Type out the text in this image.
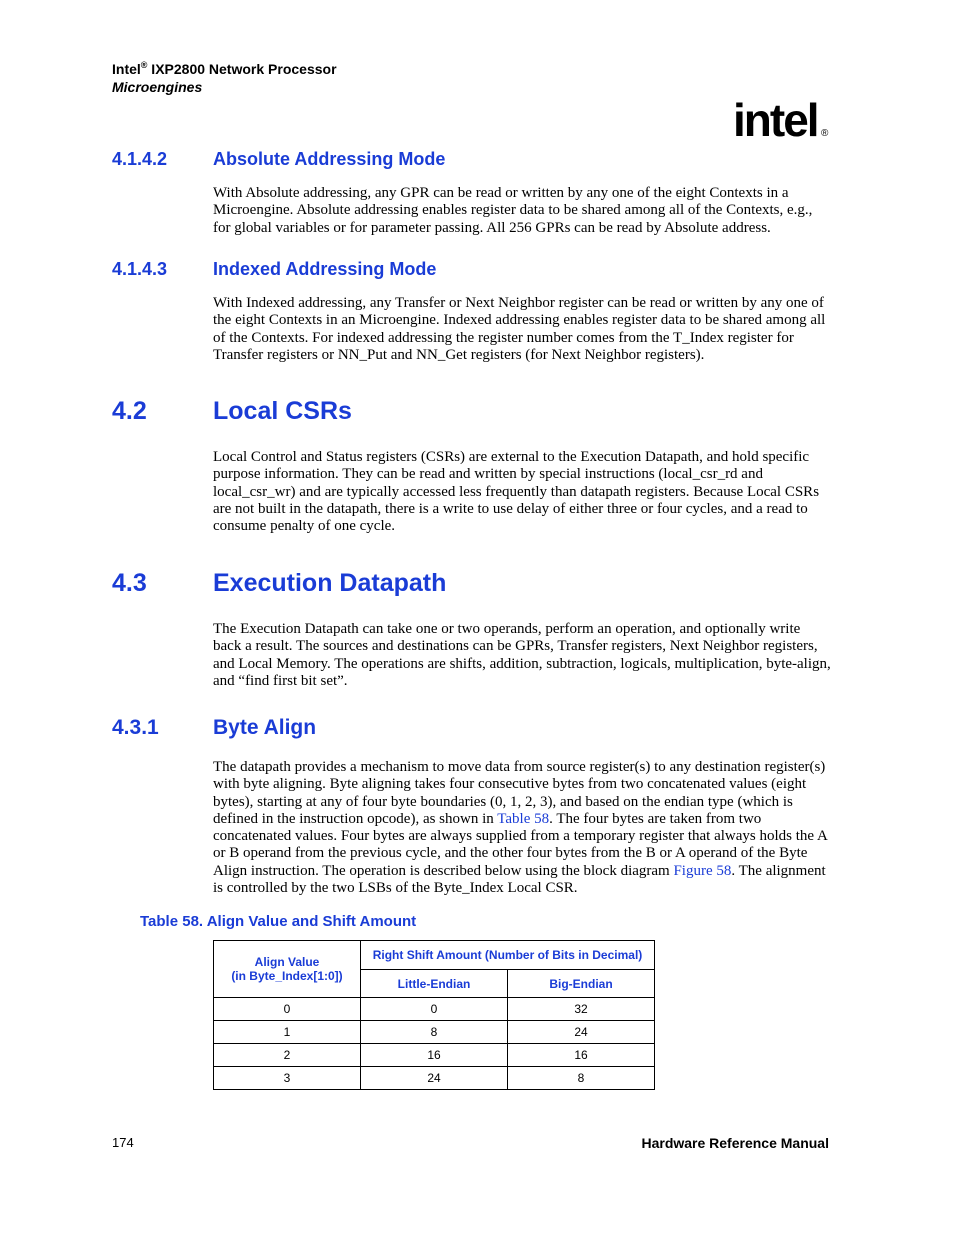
Intel® IXP2800 Network Processor
Microengines
intel ®
4.1.4.2	Absolute Addressing Mode

With Absolute addressing, any GPR can be read or written by any one of the eight Contexts in a Microengine. Absolute addressing enables register data to be shared among all of the Contexts, e.g., for global variables or for parameter passing. All 256 GPRs can be read by Absolute address.

4.1.4.3	Indexed Addressing Mode

With Indexed addressing, any Transfer or Next Neighbor register can be read or written by any one of the eight Contexts in an Microengine. Indexed addressing enables register data to be shared among all of the Contexts. For indexed addressing the register number comes from the T_Index register for Transfer registers or NN_Put and NN_Get registers (for Next Neighbor registers).

4.2	Local CSRs

Local Control and Status registers (CSRs) are external to the Execution Datapath, and hold specific purpose information. They can be read and written by special instructions (local_csr_rd and local_csr_wr) and are typically accessed less frequently than datapath registers. Because Local CSRs are not built in the datapath, there is a write to use delay of either three or four cycles, and a read to consume penalty of one cycle.

4.3	Execution Datapath

The Execution Datapath can take one or two operands, perform an operation, and optionally write back a result. The sources and destinations can be GPRs, Transfer registers, Next Neighbor registers, and Local Memory. The operations are shifts, addition, subtraction, logicals, multiplication, byte-align, and “find first bit set”.

4.3.1	Byte Align

The datapath provides a mechanism to move data from source register(s) to any destination register(s) with byte aligning. Byte aligning takes four consecutive bytes from two concatenated values (eight bytes), starting at any of four byte boundaries (0, 1, 2, 3), and based on the endian type (which is defined in the instruction opcode), as shown in Table 58. The four bytes are taken from two concatenated values. Four bytes are always supplied from a temporary register that always holds the A or B operand from the previous cycle, and the other four bytes from the B or A operand of the Byte Align instruction. The operation is described below using the block diagram Figure 58. The alignment is controlled by the two LSBs of the Byte_Index Local CSR.

Table 58. Align Value and Shift Amount
Align Value
(in Byte_Index[1:0])	Right Shift Amount (Number of Bits in Decimal)	
	Little-Endian	Big-Endian
0	0	32
1	8	24
2	16	16
3	24	8
174	Hardware Reference Manual
